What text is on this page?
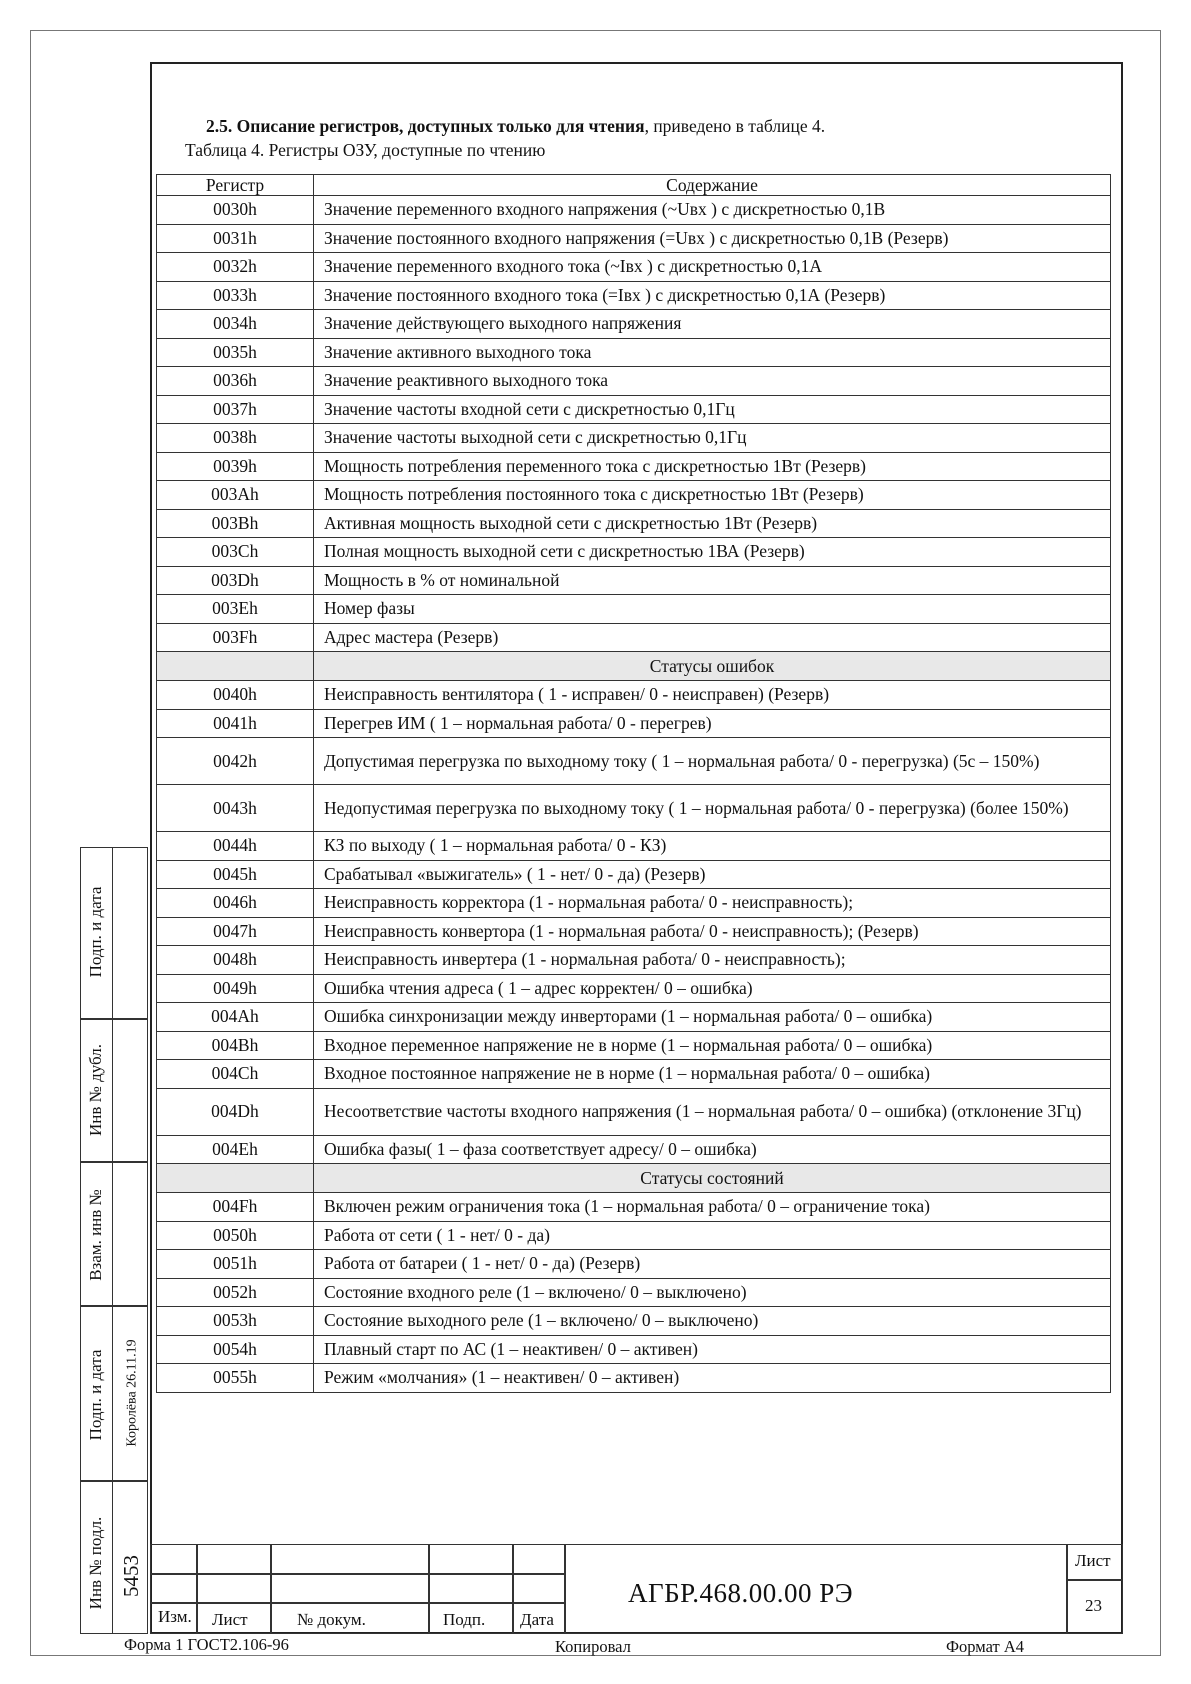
2.5. Описание регистров, доступных только для чтения, приведено в таблице 4.
Таблица 4. Регистры ОЗУ, доступные по чтению
Регистр	Содержание
0030h	Значение переменного входного напряжения (~Uвх ) с дискретностью 0,1В
0031h	Значение постоянного входного напряжения (=Uвх ) с дискретностью 0,1В (Резерв)
0032h	Значение переменного входного тока (~Iвх ) с дискретностью 0,1А
0033h	Значение постоянного входного тока (=Iвх ) с дискретностью 0,1А (Резерв)
0034h	Значение действующего выходного напряжения
0035h	Значение активного выходного тока
0036h	Значение реактивного выходного тока
0037h	Значение частоты входной сети с дискретностью 0,1Гц
0038h	Значение частоты выходной сети с дискретностью 0,1Гц
0039h	Мощность потребления переменного тока с дискретностью 1Вт (Резерв)
003Ah	Мощность потребления постоянного тока с дискретностью 1Вт (Резерв)
003Bh	Активная мощность выходной сети с дискретностью 1Вт (Резерв)
003Ch	Полная мощность выходной сети с дискретностью 1ВА (Резерв)
003Dh	Мощность в % от номинальной
003Eh	Номер фазы
003Fh	Адрес мастера (Резерв)
	Статусы ошибок
0040h	Неисправность вентилятора ( 1 - исправен/ 0 - неисправен) (Резерв)
0041h	Перегрев ИМ ( 1 – нормальная работа/ 0 - перегрев)
0042h	Допустимая перегрузка по выходному току ( 1 – нормальная работа/ 0 - перегрузка) (5с – 150%)
0043h	Недопустимая перегрузка по выходному току ( 1 – нормальная работа/ 0 - перегрузка) (более 150%)
0044h	КЗ по выходу ( 1 – нормальная работа/ 0 - КЗ)
0045h	Срабатывал «выжигатель» ( 1 - нет/ 0 - да) (Резерв)
0046h	Неисправность корректора (1 - нормальная работа/ 0 - неисправность);
0047h	Неисправность конвертора (1 - нормальная работа/ 0 - неисправность); (Резерв)
0048h	Неисправность инвертера (1 - нормальная работа/ 0 - неисправность);
0049h	Ошибка чтения адреса ( 1 – адрес корректен/ 0 – ошибка)
004Ah	Ошибка синхронизации между инверторами (1 – нормальная работа/ 0 – ошибка)
004Bh	Входное переменное напряжение не в норме (1 – нормальная работа/ 0 – ошибка)
004Ch	Входное постоянное напряжение не в норме (1 – нормальная работа/ 0 – ошибка)
004Dh	Несоответствие частоты входного напряжения (1 – нормальная работа/ 0 – ошибка) (отклонение 3Гц)
004Eh	Ошибка фазы( 1 – фаза соответствует адресу/ 0 – ошибка)
	Статусы состояний
004Fh	Включен режим ограничения тока (1 – нормальная работа/ 0 – ограничение тока)
0050h	Работа от сети ( 1 - нет/ 0 - да)
0051h	Работа от батареи ( 1 - нет/ 0 - да) (Резерв)
0052h	Состояние входного реле (1 – включено/ 0 – выключено)
0053h	Состояние выходного реле (1 – включено/ 0 – выключено)
0054h	Плавный старт по АС (1 – неактивен/ 0 – активен)
0055h	Режим «молчания» (1 – неактивен/ 0 – активен)
Подп. и дата
Инв № дубл.
Взам. инв №
Подп. и дата Королёва 26.11.19
Инв № подл. 5453
Изм. Лист	№ докум.	Подп. Дата
АГБР.468.00.00 РЭ
Лист
23
Форма 1 ГОСТ2.106-96	Копировал	Формат А4
